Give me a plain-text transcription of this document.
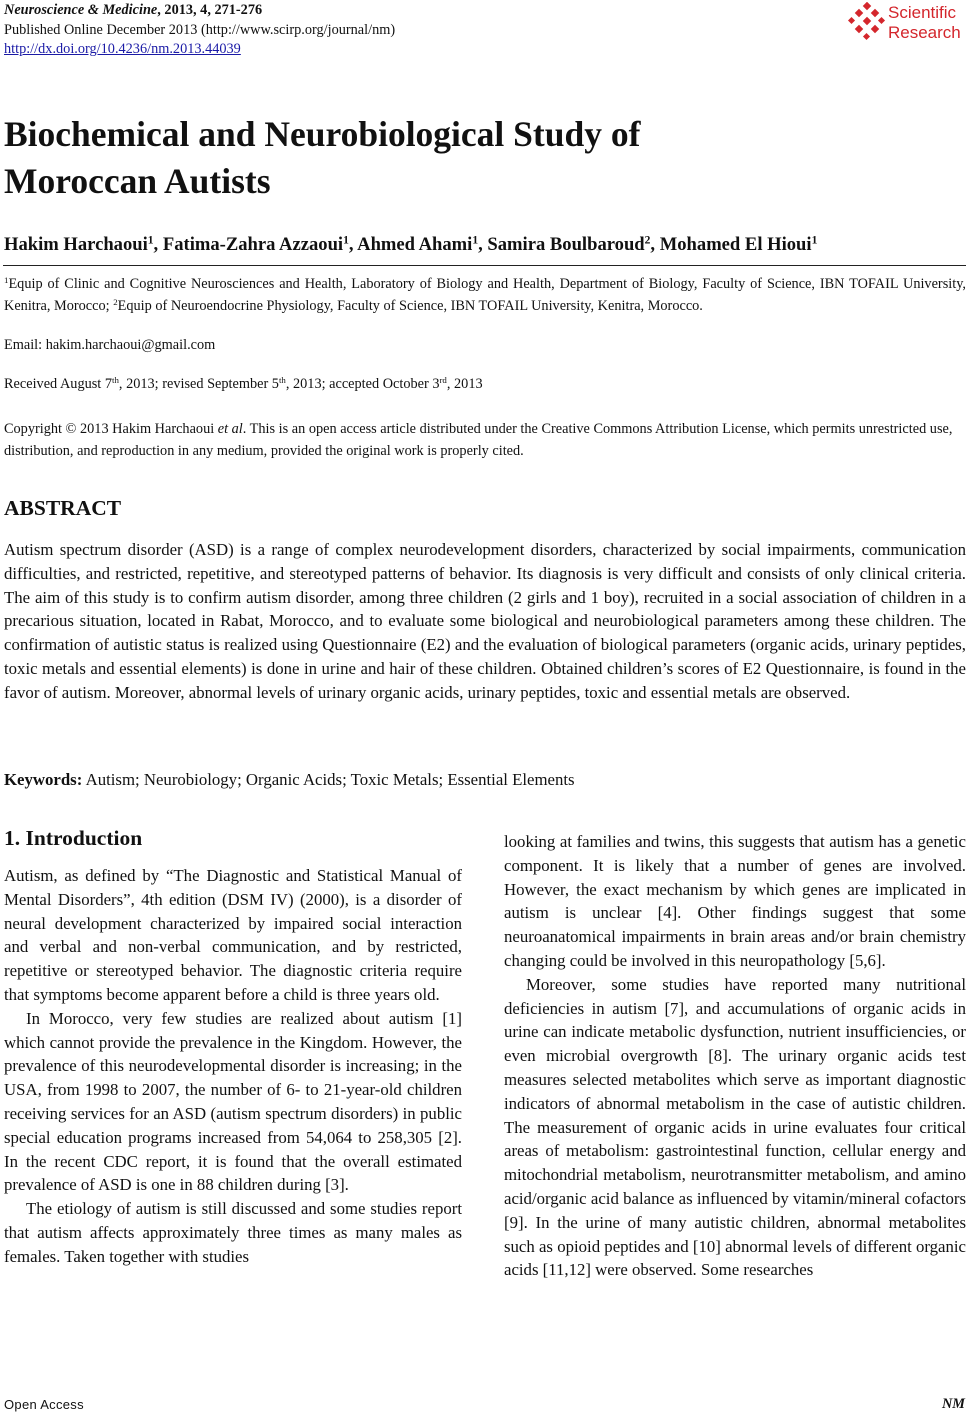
Neuroscience & Medicine, 2013, 4, 271-276
Published Online December 2013 (http://www.scirp.org/journal/nm)
http://dx.doi.org/10.4236/nm.2013.44039
Scientific
Research
Biochemical and Neurobiological Study of
Moroccan Autists

Hakim Harchaoui$^1$, Fatima-Zahra Azzaoui$^1$, Ahmed Ahami$^1$, Samira Boulbaroud$^2$, Mohamed El Hioui$^1$

$^1$Equip of Clinic and Cognitive Neurosciences and Health, Laboratory of Biology and Health, Department of Biology, Faculty of Science, IBN TOFAIL University, Kenitra, Morocco; $^2$Equip of Neuroendocrine Physiology, Faculty of Science, IBN TOFAIL University, Kenitra, Morocco.

Email: hakim.harchaoui@gmail.com

Received August 7th, 2013; revised September 5th, 2013; accepted October 3rd, 2013

Copyright © 2013 Hakim Harchaoui et al. This is an open access article distributed under the Creative Commons Attribution License, which permits unrestricted use, distribution, and reproduction in any medium, provided the original work is properly cited.

ABSTRACT

Autism spectrum disorder (ASD) is a range of complex neurodevelopment disorders, characterized by social impairments, communication difficulties, and restricted, repetitive, and stereotyped patterns of behavior. Its diagnosis is very difficult and consists of only clinical criteria. The aim of this study is to confirm autism disorder, among three children (2 girls and 1 boy), recruited in a social association of children in a precarious situation, located in Rabat, Morocco, and to evaluate some biological and neurobiological parameters among these children. The confirmation of autistic status is realized using Questionnaire (E2) and the evaluation of biological parameters (organic acids, urinary peptides, toxic metals and essential elements) is done in urine and hair of these children. Obtained children’s scores of E2 Questionnaire, is found in the favor of autism. Moreover, abnormal levels of urinary organic acids, urinary peptides, toxic and essential metals are observed.

Keywords: Autism; Neurobiology; Organic Acids; Toxic Metals; Essential Elements

1. Introduction

Autism, as defined by “The Diagnostic and Statistical Manual of Mental Disorders”, 4th edition (DSM IV) (2000), is a disorder of neural development characterized by impaired social interaction and verbal and non-verbal communication, and by restricted, repetitive or stereotyped behavior. The diagnostic criteria require that symptoms become apparent before a child is three years old.

In Morocco, very few studies are realized about autism [1] which cannot provide the prevalence in the Kingdom. However, the prevalence of this neurodevelopmental disorder is increasing; in the USA, from 1998 to 2007, the number of 6- to 21-year-old children receiving services for an ASD (autism spectrum disorders) in public special education programs increased from 54,064 to 258,305 [2]. In the recent CDC report, it is found that the overall estimated prevalence of ASD is one in 88 children during [3].

The etiology of autism is still discussed and some studies report that autism affects approximately three times as many males as females. Taken together with studies

looking at families and twins, this suggests that autism has a genetic component. It is likely that a number of genes are involved. However, the exact mechanism by which genes are implicated in autism is unclear [4]. Other findings suggest that some neuroanatomical impairments in brain areas and/or brain chemistry changing could be involved in this neuropathology [5,6].

Moreover, some studies have reported many nutritional deficiencies in autism [7], and accumulations of organic acids in urine can indicate metabolic dysfunction, nutrient insufficiencies, or even microbial overgrowth [8]. The urinary organic acids test measures selected metabolites which serve as important diagnostic indicators of abnormal metabolism in the case of autistic children. The measurement of organic acids in urine evaluates four critical areas of metabolism: gastrointestinal function, cellular energy and mitochondrial metabolism, neurotransmitter metabolism, and amino acid/organic acid balance as influenced by vitamin/mineral cofactors [9]. In the urine of many autistic children, abnormal metabolites such as opioid peptides and [10] abnormal levels of different organic acids [11,12] were observed. Some researches

Open Access	NM
